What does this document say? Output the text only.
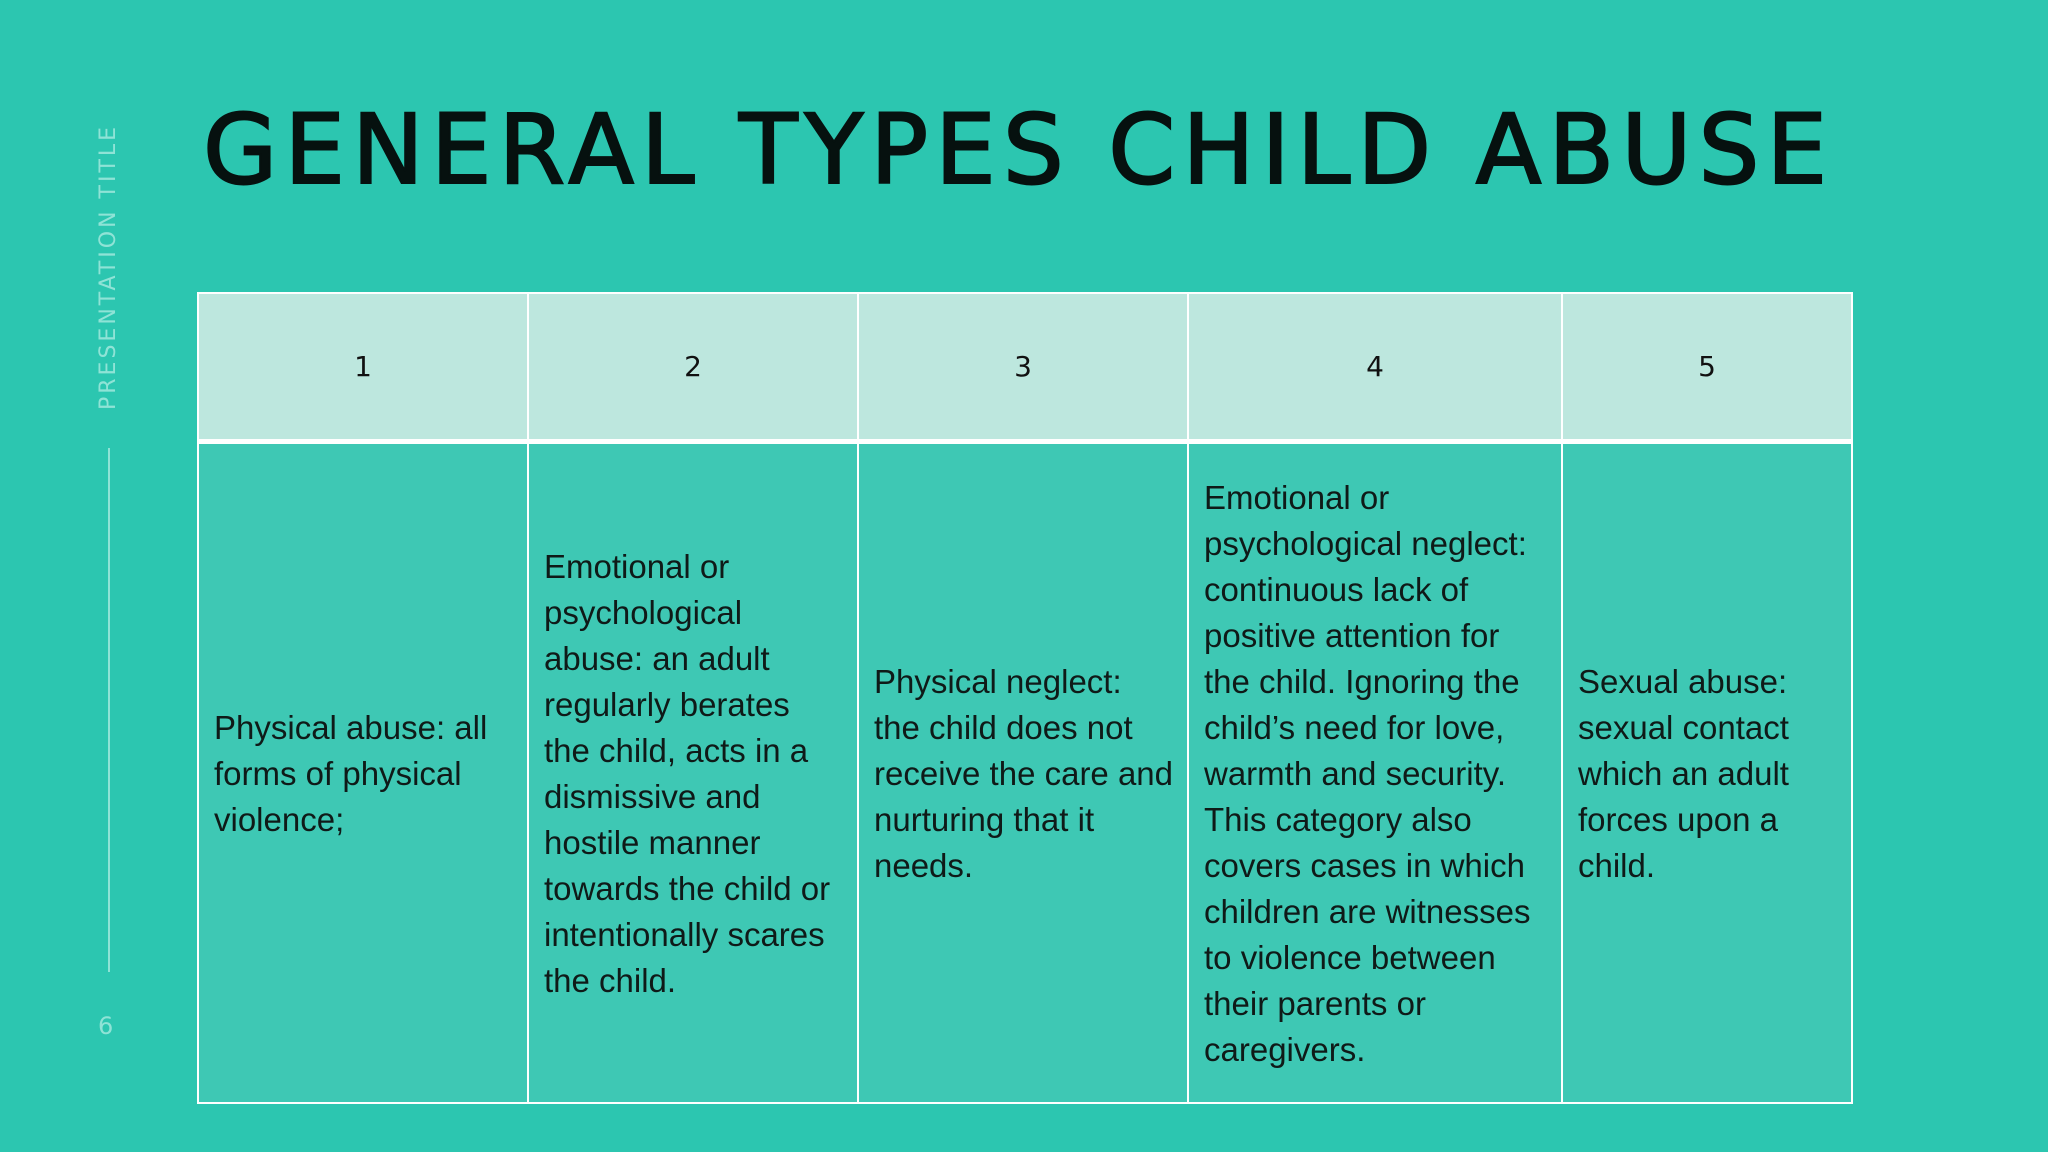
PRESENTATION TITLE
6
GENERAL TYPES CHILD ABUSE
1	2	3	4	5
Physical abuse: all forms of physical violence;	Emotional or psychological abuse: an adult regularly berates the child, acts in a dismissive and hostile manner towards the child or intentionally scares the child.	Physical neglect: the child does not receive the care and nurturing that it needs.	Emotional or psychological neglect: continuous lack of positive attention for the child. Ignoring the child’s need for love, warmth and security. This category also covers cases in which children are witnesses to violence between their parents or caregivers.	Sexual abuse: sexual contact which an adult forces upon a child.
